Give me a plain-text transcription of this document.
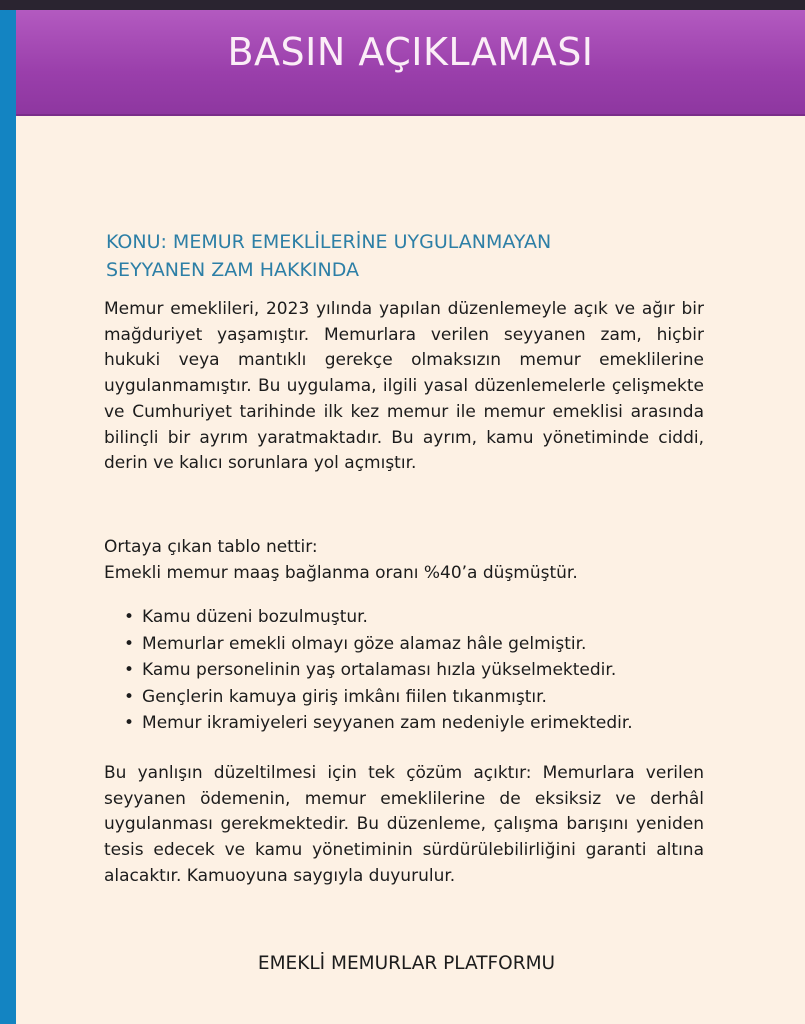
BASIN AÇIKLAMASI
KONU: MEMUR EMEKLİLERİNE UYGULANMAYAN
SEYYANEN ZAM HAKKINDA

Memur emeklileri, 2023 yılında yapılan düzenlemeyle açık ve ağır bir mağduriyet yaşamıştır. Memurlara verilen seyyanen zam, hiçbir hukuki veya mantıklı gerekçe olmaksızın memur emeklilerine uygulanmamıştır. Bu uygulama, ilgili yasal düzenlemelerle çelişmekte ve Cumhuriyet tarihinde ilk kez memur ile memur emeklisi arasında bilinçli bir ayrım yaratmaktadır. Bu ayrım, kamu yönetiminde ciddi, derin ve kalıcı sorunlara yol açmıştır.

Ortaya çıkan tablo nettir:
Emekli memur maaş bağlanma oranı %40’a düşmüştür.
• Kamu düzeni bozulmuştur.
• Memurlar emekli olmayı göze alamaz hâle gelmiştir.
• Kamu personelinin yaş ortalaması hızla yükselmektedir.
• Gençlerin kamuya giriş imkânı fiilen tıkanmıştır.
• Memur ikramiyeleri seyyanen zam nedeniyle erimektedir.

Bu yanlışın düzeltilmesi için tek çözüm açıktır: Memurlara verilen seyyanen ödemenin, memur emeklilerine de eksiksiz ve derhâl uygulanması gerekmektedir. Bu düzenleme, çalışma barışını yeniden tesis edecek ve kamu yönetiminin sürdürülebilirliğini garanti altına alacaktır. Kamuoyuna saygıyla duyurulur.

EMEKLİ MEMURLAR PLATFORMU
